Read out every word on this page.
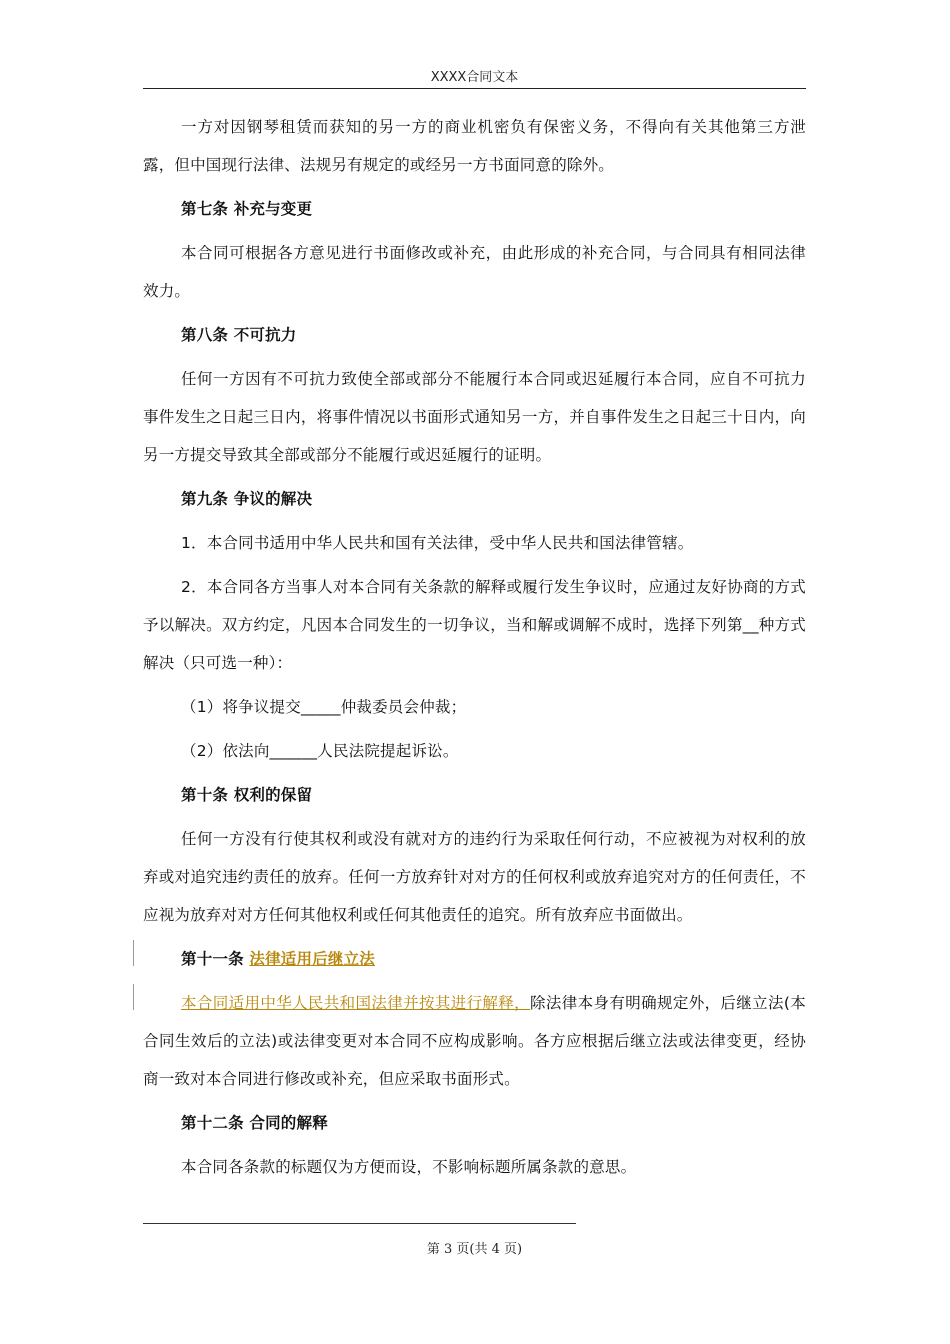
XXXX合同文本

一方对因钢琴租赁而获知的另一方的商业机密负有保密义务，不得向有关其他第三方泄露，但中国现行法律、法规另有规定的或经另一方书面同意的除外。

第七条 补充与变更

本合同可根据各方意见进行书面修改或补充，由此形成的补充合同，与合同具有相同法律效力。

第八条 不可抗力

任何一方因有不可抗力致使全部或部分不能履行本合同或迟延履行本合同，应自不可抗力事件发生之日起三日内，将事件情况以书面形式通知另一方，并自事件发生之日起三十日内，向另一方提交导致其全部或部分不能履行或迟延履行的证明。

第九条 争议的解决

1．本合同书适用中华人民共和国有关法律，受中华人民共和国法律管辖。

2．本合同各方当事人对本合同有关条款的解释或履行发生争议时，应通过友好协商的方式予以解决。双方约定，凡因本合同发生的一切争议，当和解或调解不成时，选择下列第__种方式解决（只可选一种）：

（1）将争议提交_____仲裁委员会仲裁；

（2）依法向______人民法院提起诉讼。

第十条 权利的保留

任何一方没有行使其权利或没有就对方的违约行为采取任何行动，不应被视为对权利的放弃或对追究违约责任的放弃。任何一方放弃针对对方的任何权利或放弃追究对方的任何责任，不应视为放弃对对方任何其他权利或任何其他责任的追究。所有放弃应书面做出。

第十一条 法律适用后继立法

本合同适用中华人民共和国法律并按其进行解释，除法律本身有明确规定外，后继立法(本合同生效后的立法)或法律变更对本合同不应构成影响。各方应根据后继立法或法律变更，经协商一致对本合同进行修改或补充，但应采取书面形式。

第十二条 合同的解释

本合同各条款的标题仅为方便而设，不影响标题所属条款的意思。

第 3 页(共 4 页)
